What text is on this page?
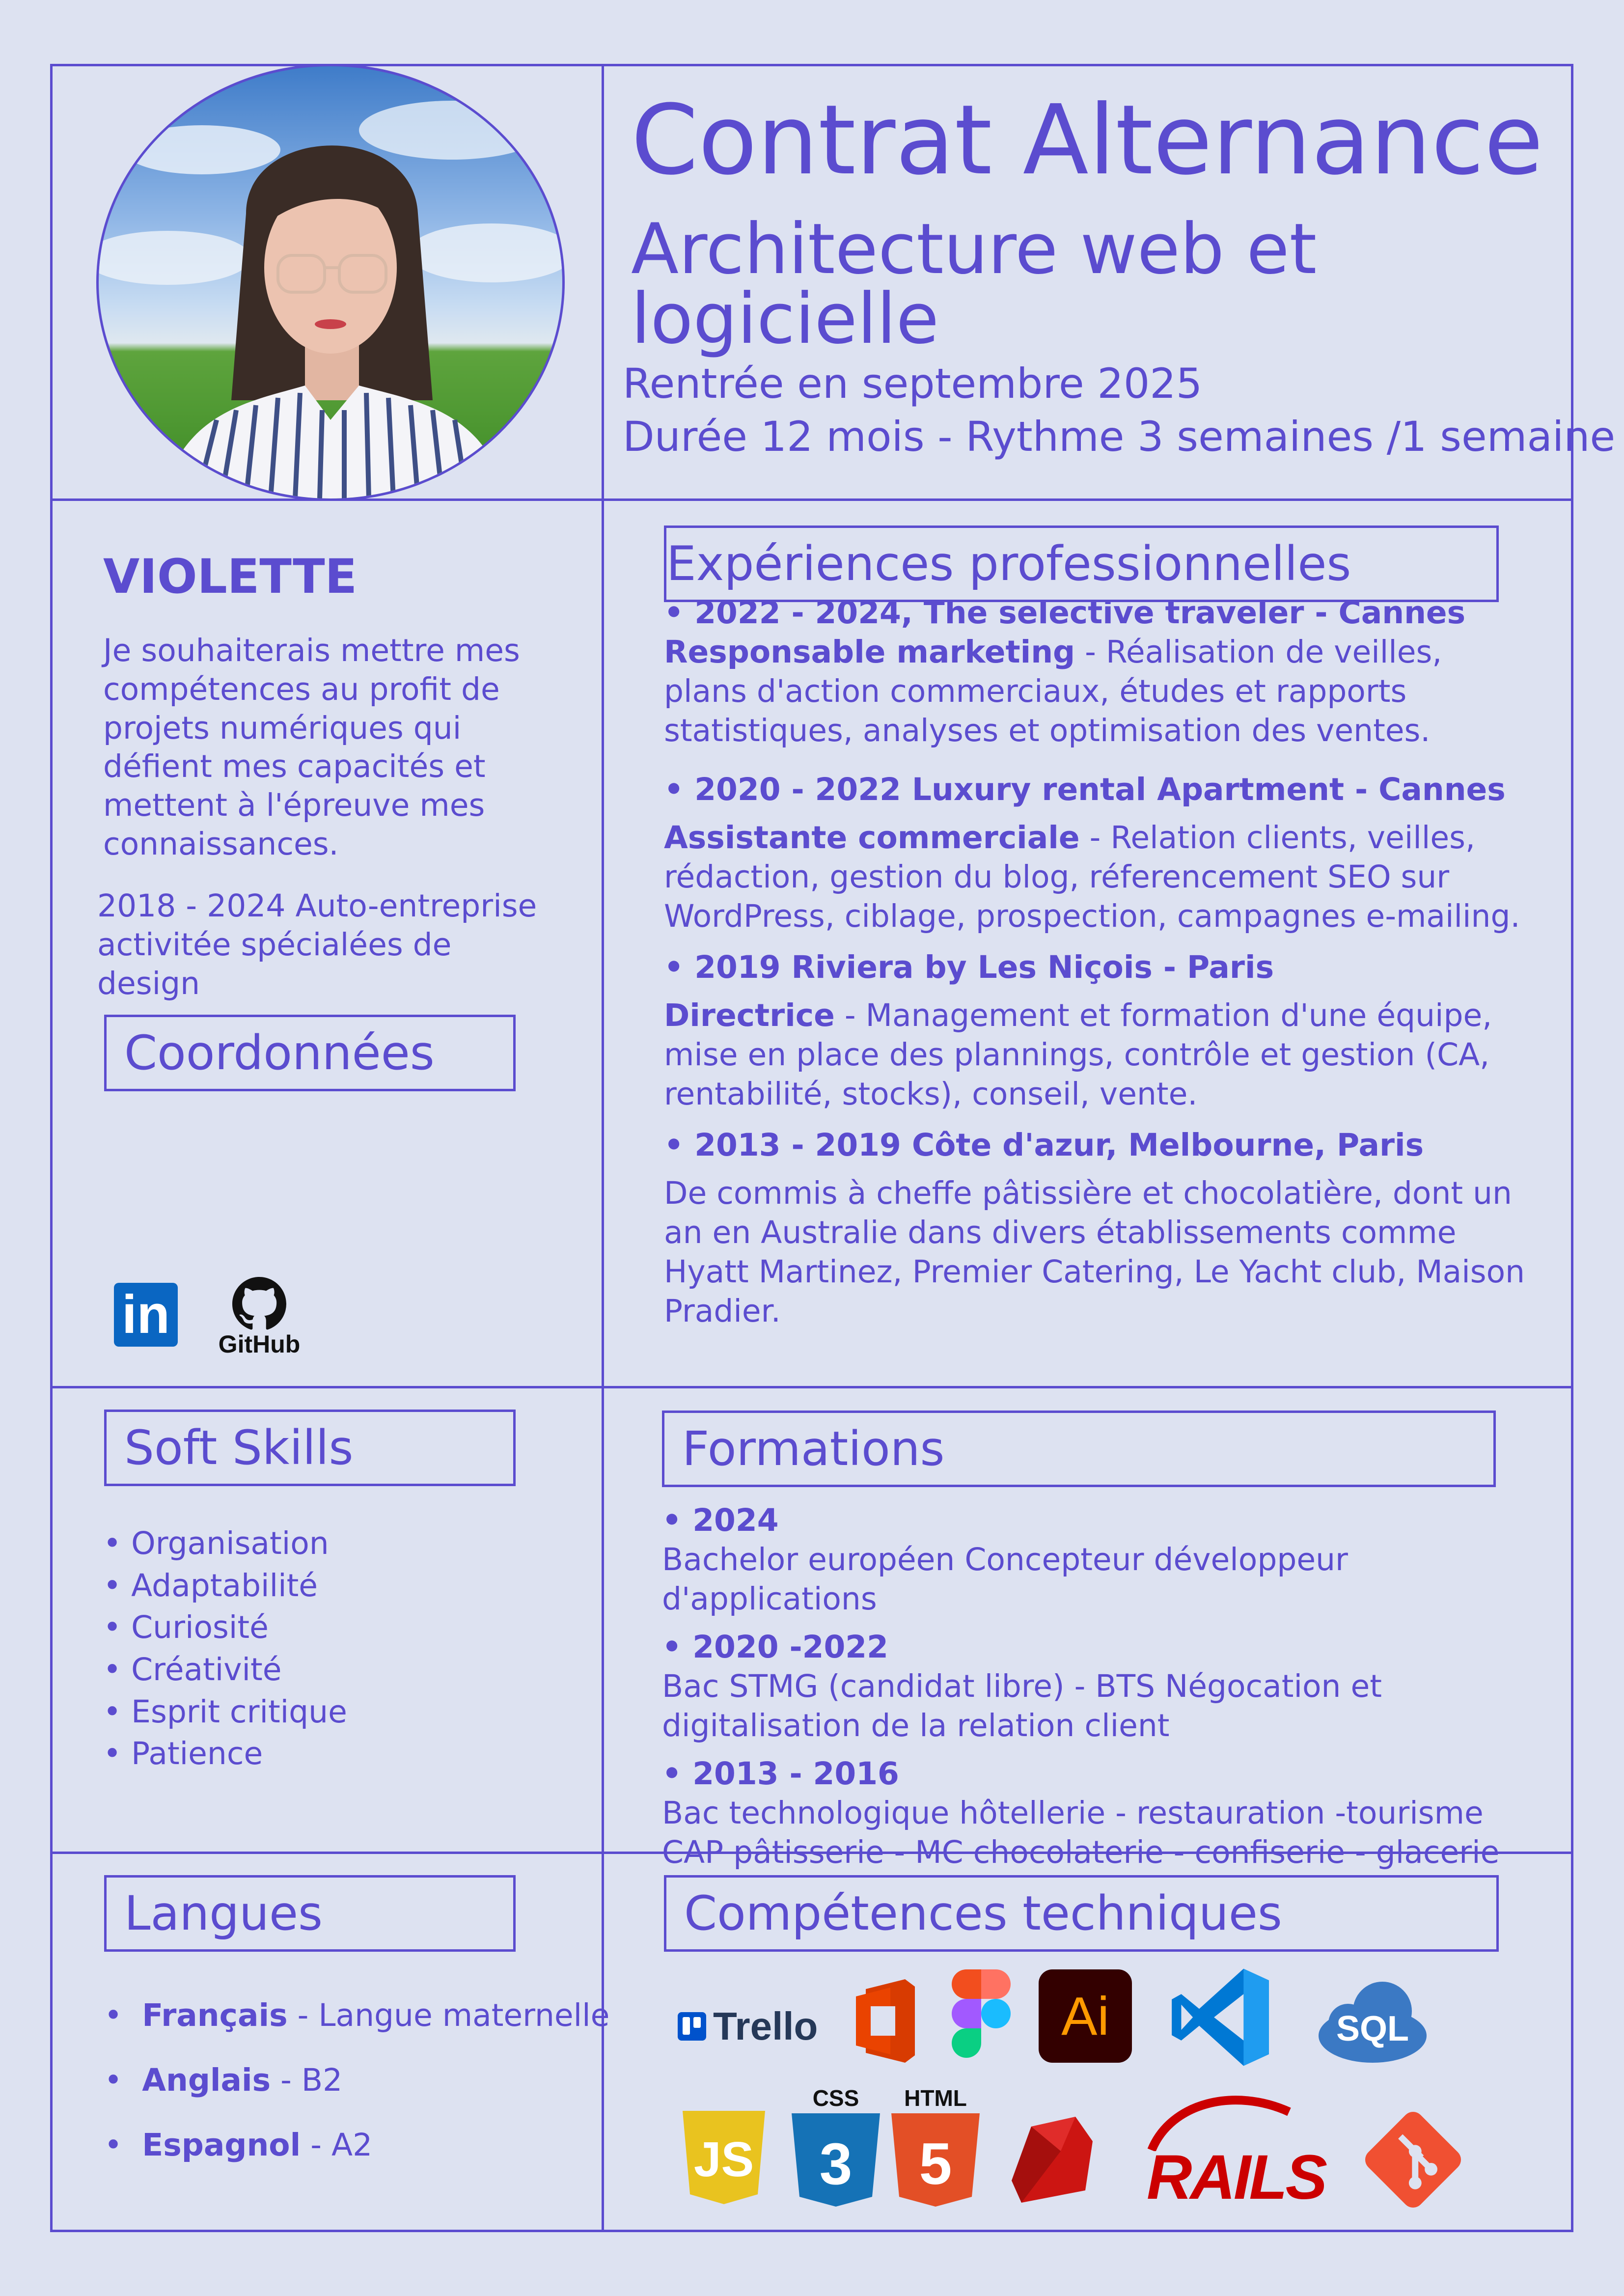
Contrat Alternance
Architecture web et logicielle
Rentrée en septembre 2025
Durée 12 mois - Rythme 3 semaines /1 semaine
VIOLETTE
Je souhaiterais mettre mes compétences au profit de projets numériques qui défient mes capacités et mettent à l'épreuve mes connaissances.
2018 - 2024 Auto-entreprise activitée spécialées de design
Coordonnées
in GitHub
Expériences professionnelles
• 2022 - 2024, The selective traveler - Cannes
Responsable marketing - Réalisation de veilles, plans d'action commerciaux, études et rapports statistiques, analyses et optimisation des ventes.
• 2020 - 2022 Luxury rental Apartment - Cannes
Assistante commerciale - Relation clients, veilles, rédaction, gestion du blog, réferencement SEO sur WordPress, ciblage, prospection, campagnes e-mailing.
• 2019 Riviera by Les Niçois - Paris
Directrice - Management et formation d'une équipe, mise en place des plannings, contrôle et gestion (CA, rentabilité, stocks), conseil, vente.
• 2013 - 2019 Côte d'azur, Melbourne, Paris
De commis à cheffe pâtissière et chocolatière, dont un an en Australie dans divers établissements comme Hyatt Martinez, Premier Catering, Le Yacht club, Maison Pradier.
Soft Skills
• Organisation
• Adaptabilité
• Curiosité
• Créativité
• Esprit critique
• Patience
Formations
• 2024
Bachelor européen Concepteur développeur d'applications
• 2020 -2022
Bac STMG (candidat libre) - BTS Négocation et digitalisation de la relation client
• 2013 - 2016
Bac technologique hôtellerie - restauration -tourisme
CAP pâtisserie - MC chocolaterie - confiserie - glacerie
Langues
•  Français - Langue maternelle
•  Anglais - B2
•  Espagnol - A2
Compétences techniques
Trello	Ai	SQL
JS
CSS
3
HTML
5	RAILS
